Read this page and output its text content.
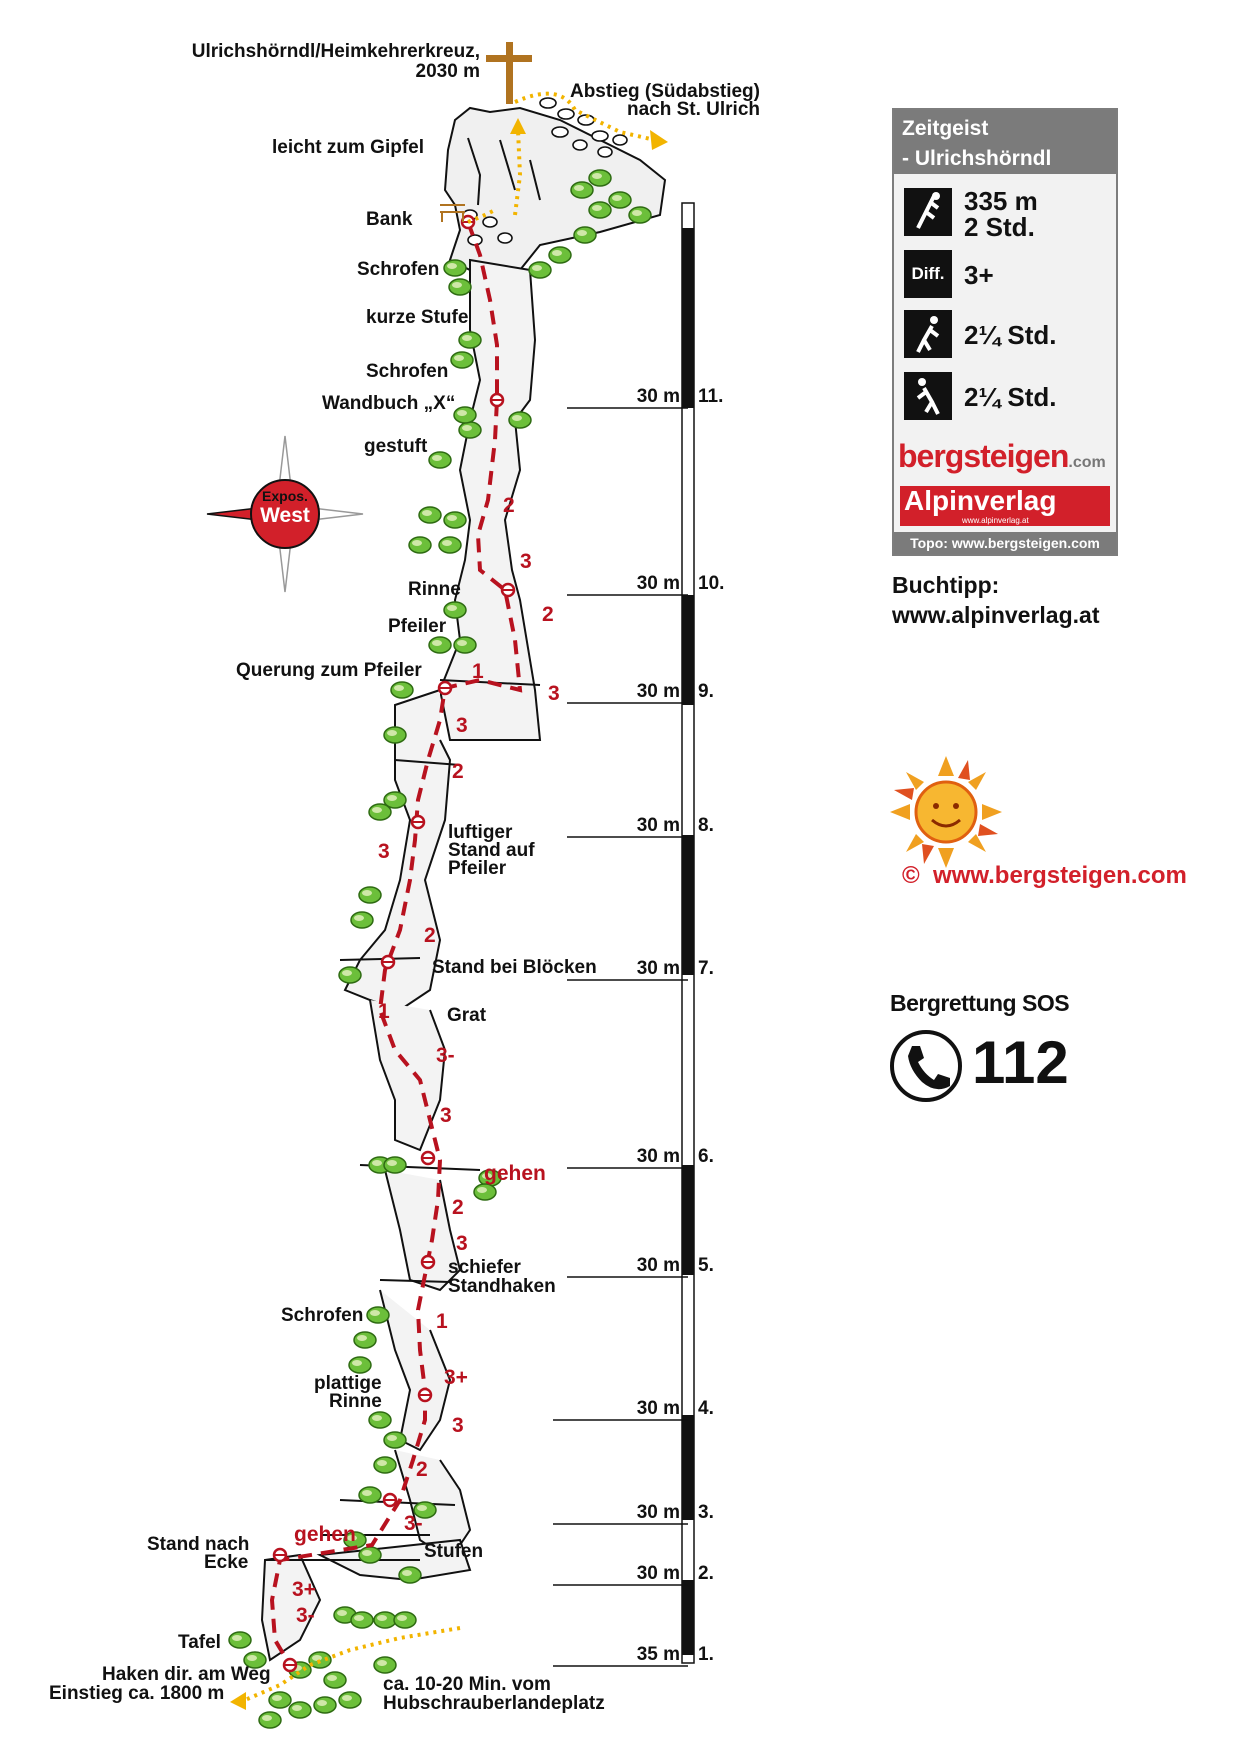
Ulrichshörndl/Heimkehrerkreuz,
2030 m
Abstieg (Südabstieg)
nach St. Ulrich
leicht zum Gipfel
Bank
Schrofen
kurze Stufe
Schrofen
Wandbuch „X“
gestuft
Rinne
Pfeiler
Querung zum Pfeiler
luftiger
Stand auf
Pfeiler
Stand bei Blöcken
Grat
gehen
schiefer
Standhaken
Schrofen
plattige
Rinne
Stand nach
Ecke
gehen
Stufen
Tafel
Haken dir. am Weg
Einstieg ca. 1800 m	ca. 10-20 Min. vom
Hubschrauberlandeplatz
2
3
2
3
1
3
2
3
2
1
3-
3
2
3
1
3+
3
2
3-
3+
3-
Expos.
West
30 m 11.
30 m 10.
30 m 9.
30 m 8.
30 m 7.
30 m 6.
30 m 5.
30 m 4.
30 m 3.
30 m 2.
35 m 1.
Zeitgeist
- Ulrichshörndl
335 m
2 Std.
Diff. 3+
2¼ Std.
2¼ Std.
bergsteigen.com
Alpinverlag
www.alpinverlag.at
Topo: www.bergsteigen.com
Buchtipp:
www.alpinverlag.at
©  www.bergsteigen.com
Bergrettung SOS
112
